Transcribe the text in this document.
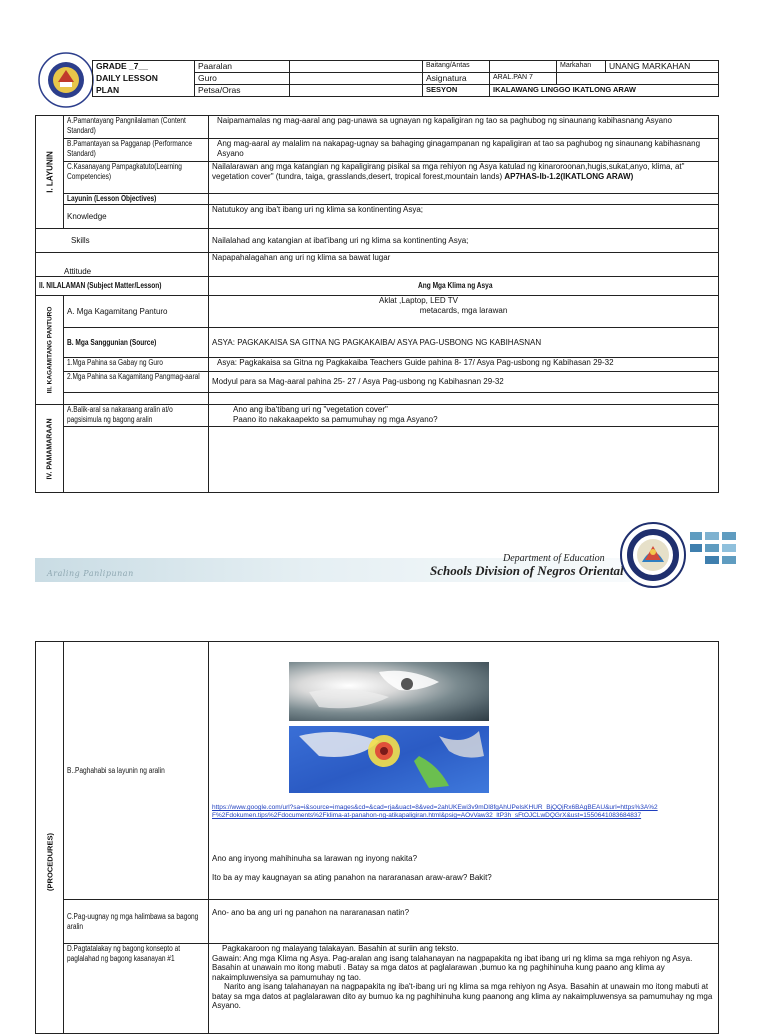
GRADE _7__	Paaralan		Baitang/Antas		Markahan	UNANG MARKAHAN
DAILY LESSON	Guro		Asignatura	ARAL.PAN 7		
PLAN	Petsa/Oras		SESYON	IKALAWANG LINGGO IKATLONG ARAW		
I. LAYUNIN	A.Pamantayang Pangnilalaman (Content Standard)	Naipamamalas ng mag-aaral ang pag-unawa sa ugnayan ng kapaligiran ng tao sa paghubog ng sinaunang kabihasnang Asyano
	B.Pamantayan sa Pagganap (Performance Standard)	Ang mag-aaral ay malalim na nakapag-ugnay sa bahaging ginagampanan ng kapaligiran at tao sa paghubog ng sinaunang kabihasnang Asyano
	C.Kasanayang Pampagkatuto(Learning Competencies)	Nailalarawan ang mga katangian ng kapaligirang pisikal sa mga rehiyon ng Asya katulad ng kinaroroonan,hugis,sukat,anyo, klima, at" vegetation cover" (tundra, taiga, grasslands,desert, tropical forest,mountain lands) AP7HAS-Ib-1.2(IKATLONG ARAW)
	Layunin (Lesson Objectives)	
	Knowledge	Natutukoy ang iba't ibang uri ng klima sa kontinenting Asya;
Skills		Nailalahad ang katangian at ibat'ibang uri ng klima sa kontinenting Asya;
Attitude		Napapahalagahan ang uri ng klima sa bawat lugar
II. NILALAMAN (Subject Matter/Lesson)		Ang Mga Klima ng Asya

III. KAGAMITANG PANTURO	A. Mga Kagamitang Panturo	Aklat ,Laptop, LED TV
metacards, mga larawan

	B. Mga Sanggunian (Source)	ASYA: PAGKAKAISA SA GITNA NG PAGKAKAIBA/ ASYA PAG-USBONG NG KABIHASNAN
	1.Mga Pahina sa Gabay ng Guro	Asya: Pagkakaisa sa Gitna ng Pagkakaiba Teachers Guide pahina 8- 17/ Asya Pag-usbong ng Kabihasan 29-32
	2.Mga Pahina sa Kagamitang Pangmag-aaral	Modyul para sa Mag-aaral pahina 25- 27 / Asya Pag-usbong ng Kabihasnan 29-32

IV. PAMAMARAAN	A.Balik-aral sa nakaraang aralin at/o pagsisimula ng bagong aralin	Ano ang iba'tibang uri ng "vegetation cover"
Paano ito nakakaapekto sa pamumuhay ng mga Asyano?

Araling Panlipunan
Department of Education
Schools Division of Negros Oriental
(PROCEDURES)	B..Paghahabi sa layunin ng aralin	https://www.google.com/url?sa=i&source=images&cd=&cad=rja&uact=8&ved=2ahUKEwi3v9mDl8fgAhUPelsKHUR_BjQQjRx6BAgBEAU&url=https%3A%2F%2Fdokumen.tips%2Fdocuments%2Fklima-at-panahon-ng-atikapaligiran.html&psig=AOvVaw32_ltP3h_sFtOJCLwDQGrX&ust=1550641083684837
Ano ang inyong mahihinuha sa larawan ng inyong nakita?
Ito ba ay may kaugnayan sa ating panahon na nararanasan araw-araw? Bakit?

	C.Pag-uugnay ng mga halimbawa sa bagong aralin	Ano- ano ba ang uri ng panahon na nararanasan natin?
	D.Pagtatalakay ng bagong konsepto at paglalahad ng bagong kasanayan #1	Pagkakaroon ng malayang talakayan. Basahin at suriin ang teksto.
Gawain: Ang mga Klima ng Asya. Pag-aralan ang isang talahanayan na nagpapakita ng ibat ibang uri ng klima sa mga rehiyon ng Asya. Basahin at unawain mo itong mabuti . Batay sa mga datos at paglalarawan ,bumuo ka ng paghihinuha kung paano ang klima ay nakaimpluwensiya sa pamumuhay ng tao.
Narito ang isang talahanayan na nagpapakita ng iba't-ibang uri ng klima sa mga rehiyon ng Asya. Basahin at unawain mo itong mabuti at batay sa mga datos at paglalarawan dito ay bumuo ka ng paghihinuha kung paanong ang klima ay nakaimpluwensya sa pamumuhay ng mga Asyano.
